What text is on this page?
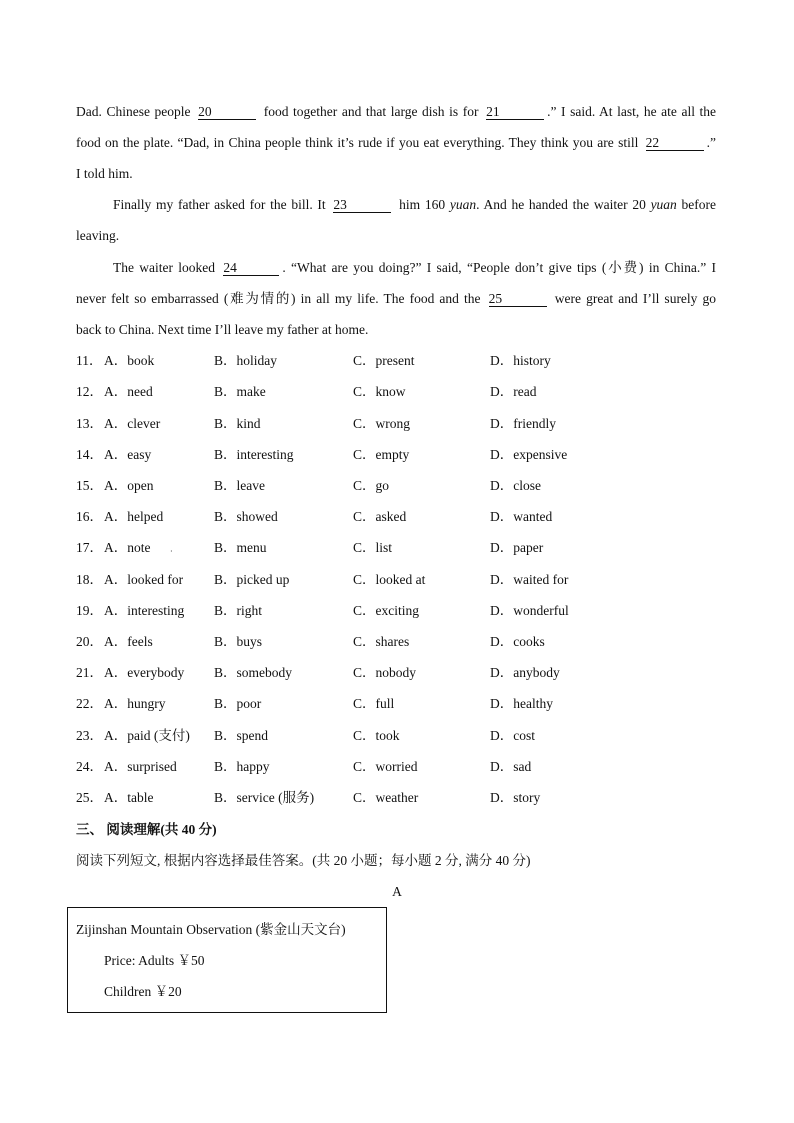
Dad. Chinese people 20	food together and that large dish is for 21	.” I said. At last, he ate all the
food on the plate. “Dad, in China people think it’s rude if you eat everything. They think you are still 22	.”
I told him.
Finally my father asked for the bill. It 23	him 160 yuan. And he handed the waiter 20 yuan before
leaving.
The waiter looked 24	. “What are you doing?” I said, “People don’t give tips (小费) in China.” I
never felt so embarrassed (难为情的) in all my life. The food and the 25	were great and I’ll surely go
back to China. Next time I’ll leave my father at home.
11． A．book	B．holiday	C．present	D．history
12． A．need	B．make	C．know	D．read
13． A．clever	B．kind	C．wrong	D．friendly
14． A．easy	B．interesting	C．empty	D．expensive
15． A．open	B．leave	C．go	D．close
16． A．helped	B．showed	C．asked	D．wanted
17． A．note	B．menu	C．list	D．paper
·
18． A．looked for B．picked up	C．looked at	D．waited for
19． A．interesting B．right	C．exciting	D．wonderful
20． A．feels	B．buys	C．shares	D．cooks
21． A．everybody B．somebody	C．nobody	D．anybody
22． A．hungry	B．poor	C．full	D．healthy
23． A．paid (支付) B．spend	C．took	D．cost
24． A．surprised	B．happy	C．worried	D．sad
25． A．table	B．service (服务)	C．weather	D．story
三、 阅读理解(共 40 分)
阅读下列短文, 根据内容选择最佳答案。(共 20 小题；每小题 2 分, 满分 40 分)
A
Zijinshan Mountain Observation (紫金山天文台)
Price: Adults ￥50
Children ￥20
